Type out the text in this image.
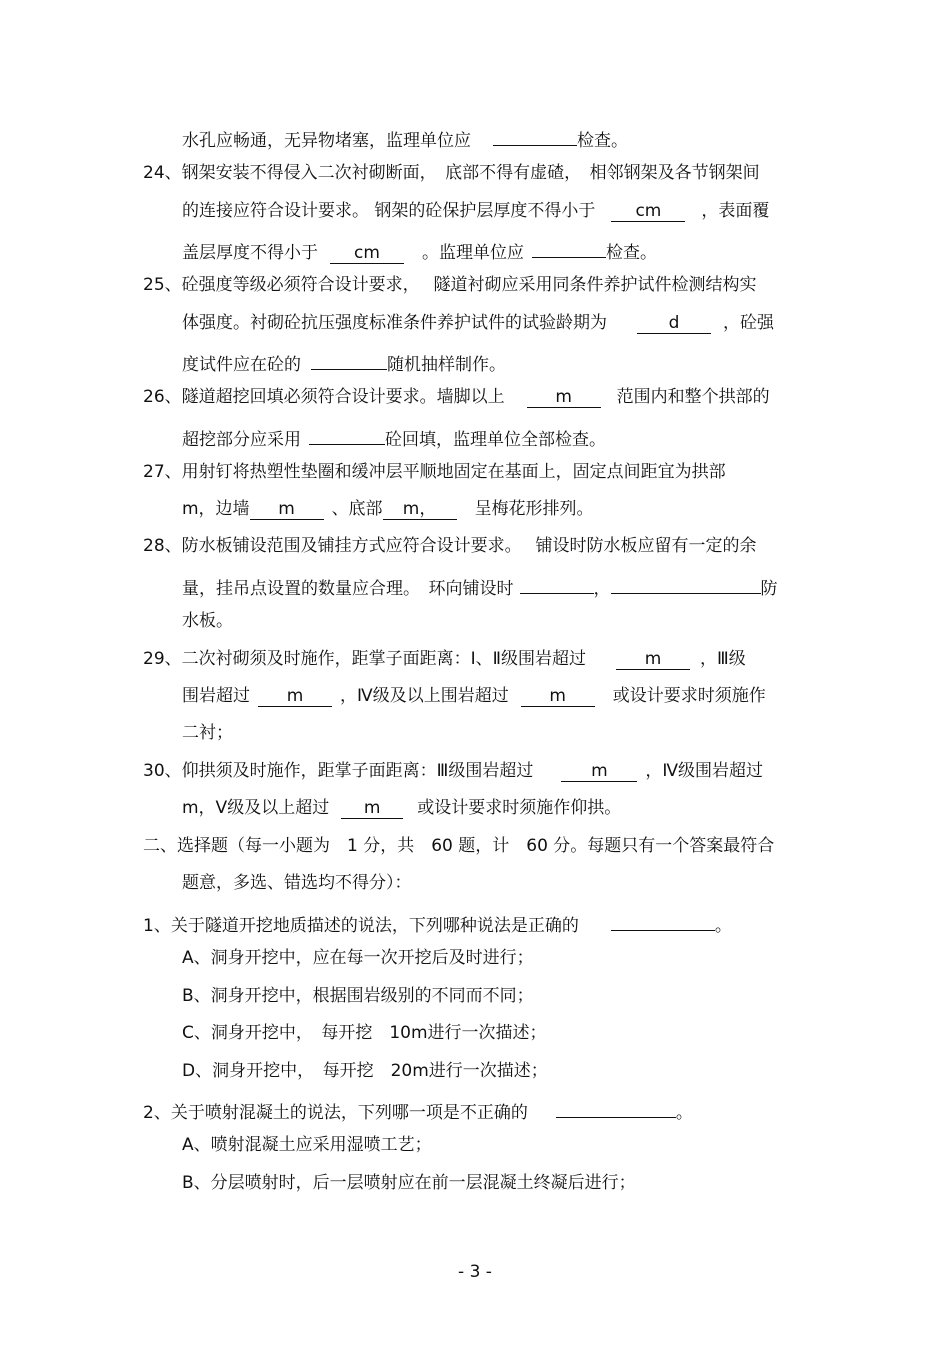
水孔应畅通，无异物堵塞，监理单位应	检查。
24、钢架安装不得侵入二次衬砌断面，　底部不得有虚碴，　相邻钢架及各节钢架间
的连接应符合设计要求。 钢架的砼保护层厚度不得小于 cm ，表面覆
盖层厚度不得小于 cm 。监理单位应	检查。
25、砼强度等级必须符合设计要求，　 隧道衬砌应采用同条件养护试件检测结构实
体强度。衬砌砼抗压强度标准条件养护试件的试验龄期为	d	，砼强
度试件应在砼的	随机抽样制作。
26、隧道超挖回填必须符合设计要求。墙脚以上	m	范围内和整个拱部的
超挖部分应采用	砼回填，监理单位全部检查。
27、用射钉将热塑性垫圈和缓冲层平顺地固定在基面上，固定点间距宜为拱部
m，边墙 m 、底部 m， 呈梅花形排列。
28、防水板铺设范围及铺挂方式应符合设计要求。　 铺设时防水板应留有一定的余
量，挂吊点设置的数量应合理。　环向铺设时	，	防
水板。
29、二次衬砌须及时施作，距掌子面距离：Ⅰ、Ⅱ级围岩超过	m ，Ⅲ级
围岩超过 m ，Ⅳ级及以上围岩超过 m	或设计要求时须施作
二衬；
30、仰拱须及时施作，距掌子面距离：Ⅲ级围岩超过	m ，Ⅳ级围岩超过
m，Ⅴ级及以上超过 m 或设计要求时须施作仰拱。
二、选择题（每一小题为　1 分，共　60 题，计　60 分。每题只有一个答案最符合
题意，多选、错选均不得分）：
1、关于隧道开挖地质描述的说法，下列哪种说法是正确的	。
A、洞身开挖中，应在每一次开挖后及时进行；
B、洞身开挖中，根据围岩级别的不同而不同；
C、洞身开挖中，　每开挖　10m进行一次描述；
D、洞身开挖中，　每开挖　20m进行一次描述；
2、关于喷射混凝土的说法，下列哪一项是不正确的	。
A、喷射混凝土应采用湿喷工艺；
B、分层喷射时，后一层喷射应在前一层混凝土终凝后进行；
- 3 -
